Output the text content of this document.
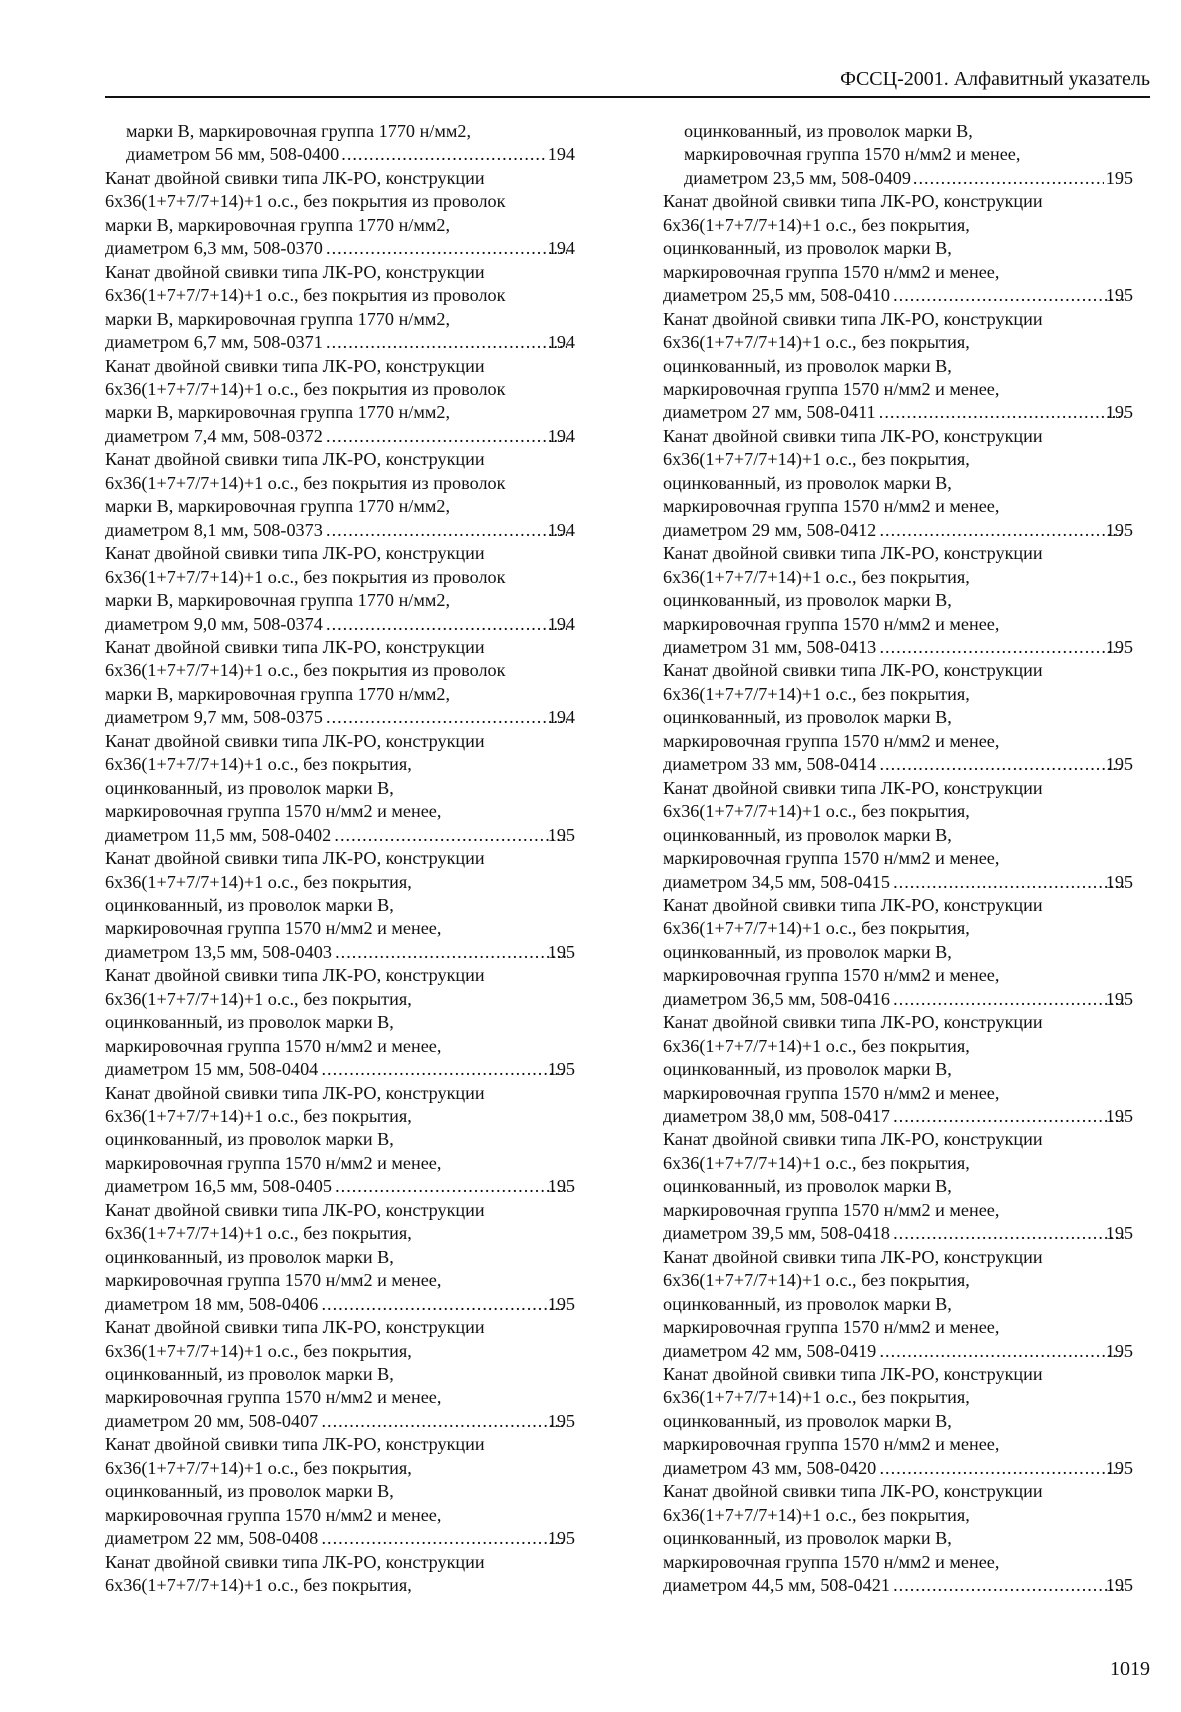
ФССЦ-2001. Алфавитный указатель
марки В, маркировочная группа 1770 н/мм2,
диаметром 56 мм, 508-0400 .....	194
Канат двойной свивки типа ЛК-РО, конструкции
6х36(1+7+7/7+14)+1 о.с., без покрытия из проволок
марки В, маркировочная группа 1770 н/мм2,
диаметром 6,3 мм, 508-0370 .....	194
Канат двойной свивки типа ЛК-РО, конструкции
6х36(1+7+7/7+14)+1 о.с., без покрытия из проволок
марки В, маркировочная группа 1770 н/мм2,
диаметром 6,7 мм, 508-0371 .....	194
Канат двойной свивки типа ЛК-РО, конструкции
6х36(1+7+7/7+14)+1 о.с., без покрытия из проволок
марки В, маркировочная группа 1770 н/мм2,
диаметром 7,4 мм, 508-0372 .....	194
Канат двойной свивки типа ЛК-РО, конструкции
6х36(1+7+7/7+14)+1 о.с., без покрытия из проволок
марки В, маркировочная группа 1770 н/мм2,
диаметром 8,1 мм, 508-0373 .....	194
Канат двойной свивки типа ЛК-РО, конструкции
6х36(1+7+7/7+14)+1 о.с., без покрытия из проволок
марки В, маркировочная группа 1770 н/мм2,
диаметром 9,0 мм, 508-0374 .....	194
Канат двойной свивки типа ЛК-РО, конструкции
6х36(1+7+7/7+14)+1 о.с., без покрытия из проволок
марки В, маркировочная группа 1770 н/мм2,
диаметром 9,7 мм, 508-0375 .....	194
Канат двойной свивки типа ЛК-РО, конструкции
6х36(1+7+7/7+14)+1 о.с., без покрытия,
оцинкованный, из проволок марки В,
маркировочная группа 1570 н/мм2 и менее,
диаметром 11,5 мм, 508-0402 .....	195
Канат двойной свивки типа ЛК-РО, конструкции
6х36(1+7+7/7+14)+1 о.с., без покрытия,
оцинкованный, из проволок марки В,
маркировочная группа 1570 н/мм2 и менее,
диаметром 13,5 мм, 508-0403 .....	195
Канат двойной свивки типа ЛК-РО, конструкции
6х36(1+7+7/7+14)+1 о.с., без покрытия,
оцинкованный, из проволок марки В,
маркировочная группа 1570 н/мм2 и менее,
диаметром 15 мм, 508-0404 .....	195
Канат двойной свивки типа ЛК-РО, конструкции
6х36(1+7+7/7+14)+1 о.с., без покрытия,
оцинкованный, из проволок марки В,
маркировочная группа 1570 н/мм2 и менее,
диаметром 16,5 мм, 508-0405 .....	195
Канат двойной свивки типа ЛК-РО, конструкции
6х36(1+7+7/7+14)+1 о.с., без покрытия,
оцинкованный, из проволок марки В,
маркировочная группа 1570 н/мм2 и менее,
диаметром 18 мм, 508-0406 .....	195
Канат двойной свивки типа ЛК-РО, конструкции
6х36(1+7+7/7+14)+1 о.с., без покрытия,
оцинкованный, из проволок марки В,
маркировочная группа 1570 н/мм2 и менее,
диаметром 20 мм, 508-0407 .....	195
Канат двойной свивки типа ЛК-РО, конструкции
6х36(1+7+7/7+14)+1 о.с., без покрытия,
оцинкованный, из проволок марки В,
маркировочная группа 1570 н/мм2 и менее,
диаметром 22 мм, 508-0408 .....	195
Канат двойной свивки типа ЛК-РО, конструкции
6х36(1+7+7/7+14)+1 о.с., без покрытия,
оцинкованный, из проволок марки В,
маркировочная группа 1570 н/мм2 и менее,
диаметром 23,5 мм, 508-0409 .....	195
Канат двойной свивки типа ЛК-РО, конструкции
6х36(1+7+7/7+14)+1 о.с., без покрытия,
оцинкованный, из проволок марки В,
маркировочная группа 1570 н/мм2 и менее,
диаметром 25,5 мм, 508-0410 .....	195
Канат двойной свивки типа ЛК-РО, конструкции
6х36(1+7+7/7+14)+1 о.с., без покрытия,
оцинкованный, из проволок марки В,
маркировочная группа 1570 н/мм2 и менее,
диаметром 27 мм, 508-0411 .....	195
Канат двойной свивки типа ЛК-РО, конструкции
6х36(1+7+7/7+14)+1 о.с., без покрытия,
оцинкованный, из проволок марки В,
маркировочная группа 1570 н/мм2 и менее,
диаметром 29 мм, 508-0412 .....	195
Канат двойной свивки типа ЛК-РО, конструкции
6х36(1+7+7/7+14)+1 о.с., без покрытия,
оцинкованный, из проволок марки В,
маркировочная группа 1570 н/мм2 и менее,
диаметром 31 мм, 508-0413 .....	195
Канат двойной свивки типа ЛК-РО, конструкции
6х36(1+7+7/7+14)+1 о.с., без покрытия,
оцинкованный, из проволок марки В,
маркировочная группа 1570 н/мм2 и менее,
диаметром 33 мм, 508-0414 .....	195
Канат двойной свивки типа ЛК-РО, конструкции
6х36(1+7+7/7+14)+1 о.с., без покрытия,
оцинкованный, из проволок марки В,
маркировочная группа 1570 н/мм2 и менее,
диаметром 34,5 мм, 508-0415 .....	195
Канат двойной свивки типа ЛК-РО, конструкции
6х36(1+7+7/7+14)+1 о.с., без покрытия,
оцинкованный, из проволок марки В,
маркировочная группа 1570 н/мм2 и менее,
диаметром 36,5 мм, 508-0416 .....	195
Канат двойной свивки типа ЛК-РО, конструкции
6х36(1+7+7/7+14)+1 о.с., без покрытия,
оцинкованный, из проволок марки В,
маркировочная группа 1570 н/мм2 и менее,
диаметром 38,0 мм, 508-0417 .....	195
Канат двойной свивки типа ЛК-РО, конструкции
6х36(1+7+7/7+14)+1 о.с., без покрытия,
оцинкованный, из проволок марки В,
маркировочная группа 1570 н/мм2 и менее,
диаметром 39,5 мм, 508-0418 .....	195
Канат двойной свивки типа ЛК-РО, конструкции
6х36(1+7+7/7+14)+1 о.с., без покрытия,
оцинкованный, из проволок марки В,
маркировочная группа 1570 н/мм2 и менее,
диаметром 42 мм, 508-0419 .....	195
Канат двойной свивки типа ЛК-РО, конструкции
6х36(1+7+7/7+14)+1 о.с., без покрытия,
оцинкованный, из проволок марки В,
маркировочная группа 1570 н/мм2 и менее,
диаметром 43 мм, 508-0420 .....	195
Канат двойной свивки типа ЛК-РО, конструкции
6х36(1+7+7/7+14)+1 о.с., без покрытия,
оцинкованный, из проволок марки В,
маркировочная группа 1570 н/мм2 и менее,
диаметром 44,5 мм, 508-0421 .....	195
1019
